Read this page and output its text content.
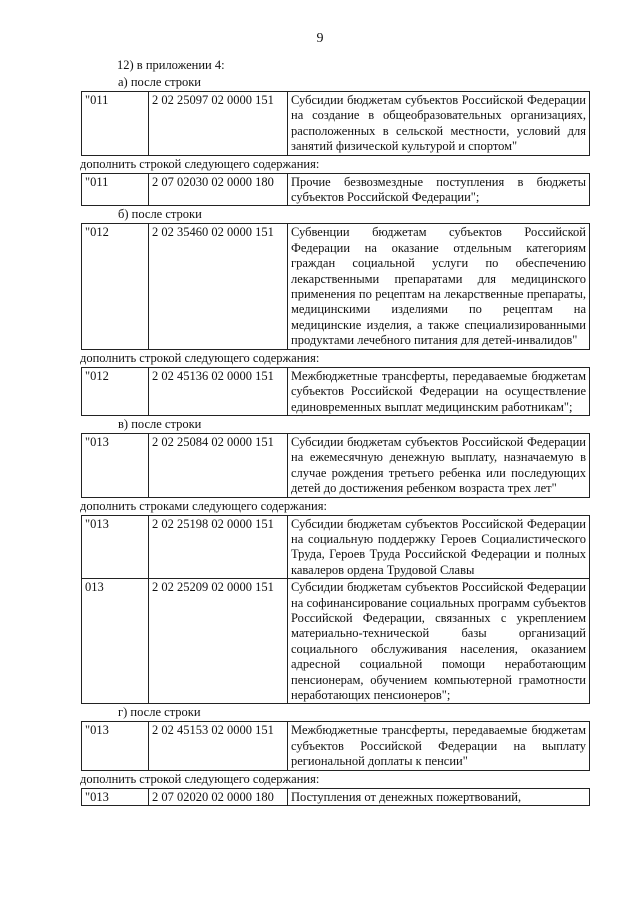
9
12) в приложении 4:
а) после строки
"011	2 02 25097 02 0000 151	Субсидии бюджетам субъектов Российской Федерации на создание в общеобразовательных организациях, расположенных в сельской местности, условий для занятий физической культурой и спортом"
дополнить строкой следующего содержания:
"011	2 07 02030 02 0000 180	Прочие безвозмездные поступления в бюджеты субъектов Российской Федерации";
б) после строки
"012	2 02 35460 02 0000 151	Субвенции бюджетам субъектов Российской Федерации на оказание отдельным категориям граждан социальной услуги по обеспечению лекарственными препаратами для медицинского применения по рецептам на лекарственные препараты, медицинскими изделиями по рецептам на медицинские изделия, а также специализированными продуктами лечебного питания для детей-инвалидов"
дополнить строкой следующего содержания:
"012	2 02 45136 02 0000 151	Межбюджетные трансферты, передаваемые бюджетам субъектов Российской Федерации на осуществление единовременных выплат медицинским работникам";
в) после строки
"013	2 02 25084 02 0000 151	Субсидии бюджетам субъектов Российской Федерации на ежемесячную денежную выплату, назначаемую в случае рождения третьего ребенка или последующих детей до достижения ребенком возраста трех лет"
дополнить строками следующего содержания:
"013	2 02 25198 02 0000 151	Субсидии бюджетам субъектов Российской Федерации на социальную поддержку Героев Социалистического Труда, Героев Труда Российской Федерации и полных кавалеров ордена Трудовой Славы
013	2 02 25209 02 0000 151	Субсидии бюджетам субъектов Российской Федерации на софинансирование социальных программ субъектов Российской Федерации, связанных с укреплением материально-технической базы организаций социального обслуживания населения, оказанием адресной социальной помощи неработающим пенсионерам, обучением компьютерной грамотности неработающих пенсионеров";
г) после строки
"013	2 02 45153 02 0000 151	Межбюджетные трансферты, передаваемые бюджетам субъектов Российской Федерации на выплату региональной доплаты к пенсии"
дополнить строкой следующего содержания:
"013	2 07 02020 02 0000 180	Поступления от денежных пожертвований,
